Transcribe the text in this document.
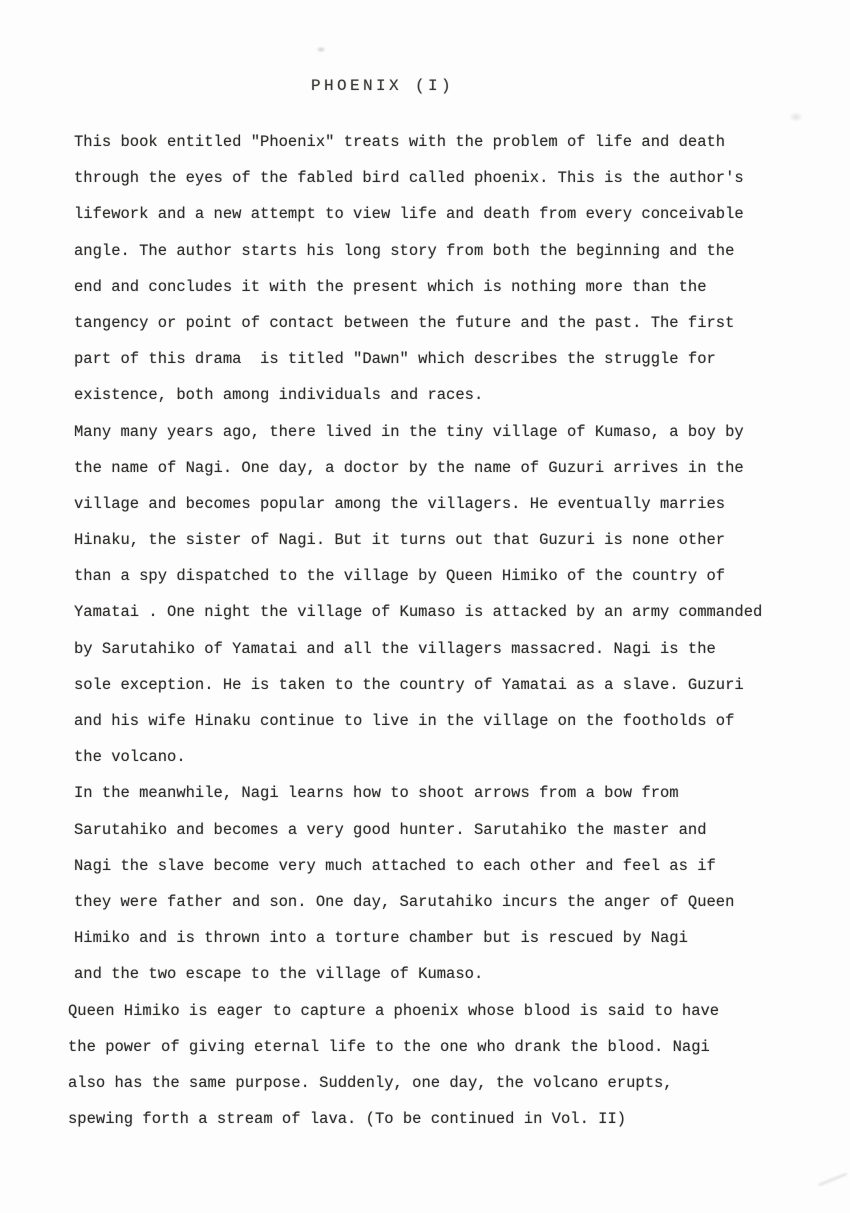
PHOENIX (I)
This book entitled "Phoenix" treats with the problem of life and death
through the eyes of the fabled bird called phoenix. This is the author's
lifework and a new attempt to view life and death from every conceivable
angle. The author starts his long story from both the beginning and the
end and concludes it with the present which is nothing more than the
tangency or point of contact between the future and the past. The first
part of this drama  is titled "Dawn" which describes the struggle for
existence, both among individuals and races.
Many many years ago, there lived in the tiny village of Kumaso, a boy by
the name of Nagi. One day, a doctor by the name of Guzuri arrives in the
village and becomes popular among the villagers. He eventually marries
Hinaku, the sister of Nagi. But it turns out that Guzuri is none other
than a spy dispatched to the village by Queen Himiko of the country of
Yamatai . One night the village of Kumaso is attacked by an army commanded
by Sarutahiko of Yamatai and all the villagers massacred. Nagi is the
sole exception. He is taken to the country of Yamatai as a slave. Guzuri
and his wife Hinaku continue to live in the village on the footholds of
the volcano.
In the meanwhile, Nagi learns how to shoot arrows from a bow from
Sarutahiko and becomes a very good hunter. Sarutahiko the master and
Nagi the slave become very much attached to each other and feel as if
they were father and son. One day, Sarutahiko incurs the anger of Queen
Himiko and is thrown into a torture chamber but is rescued by Nagi
and the two escape to the village of Kumaso.
Queen Himiko is eager to capture a phoenix whose blood is said to have
the power of giving eternal life to the one who drank the blood. Nagi
also has the same purpose. Suddenly, one day, the volcano erupts,
spewing forth a stream of lava. (To be continued in Vol. II)
